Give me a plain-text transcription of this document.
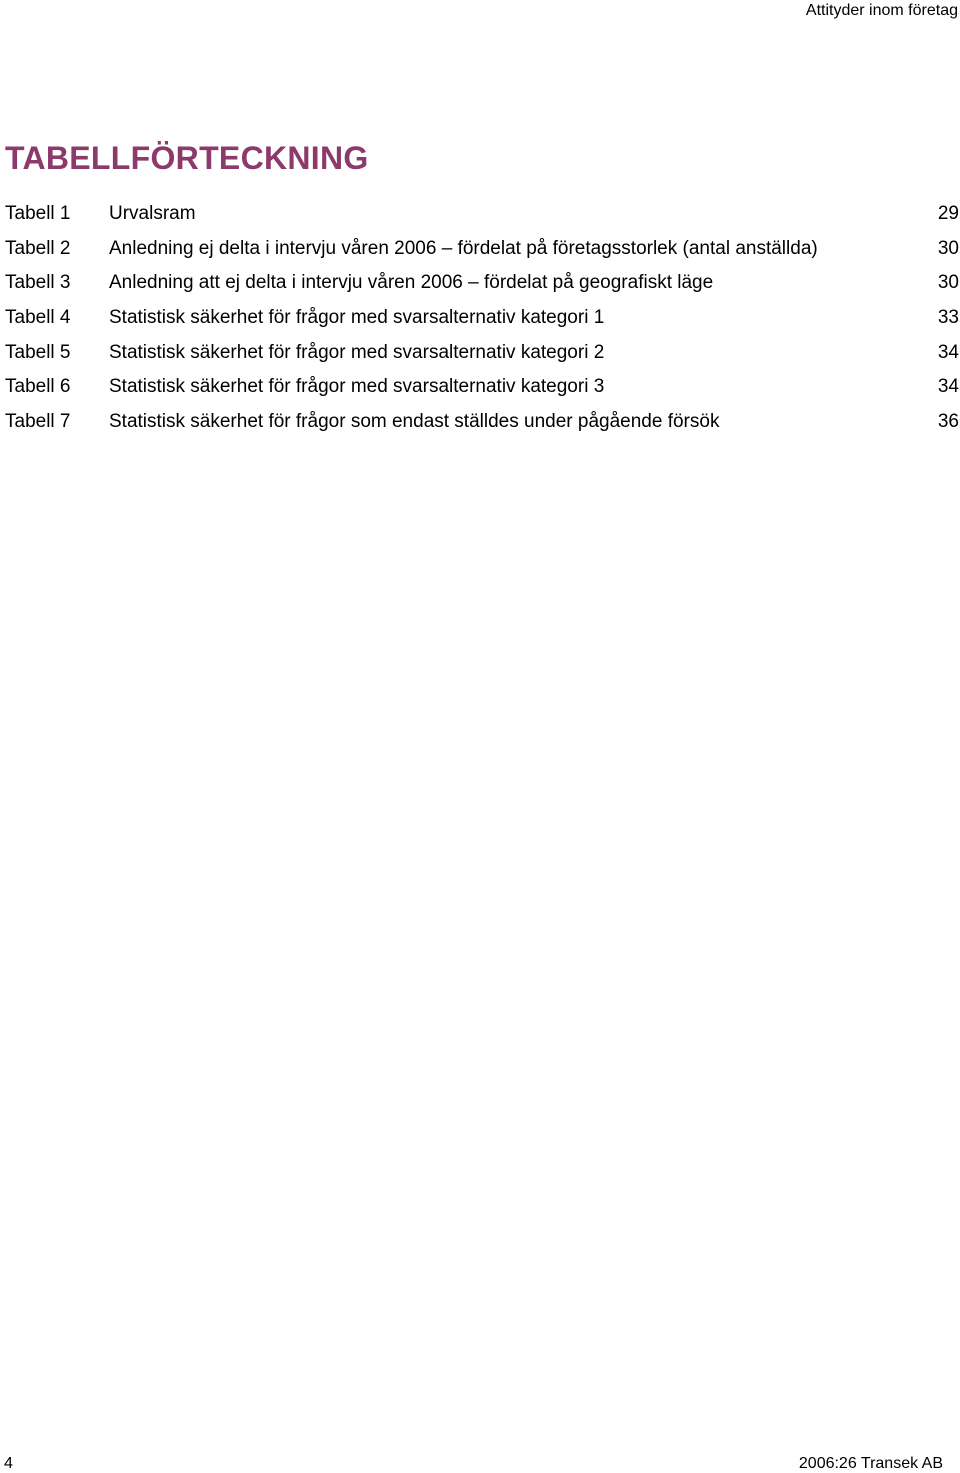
Attityder inom företag
TABELLFÖRTECKNING
Tabell 1 Urvalsram	29
Tabell 2 Anledning ej delta i intervju våren 2006 – fördelat på företagsstorlek (antal anställda)	30
Tabell 3 Anledning att ej delta i intervju våren 2006 – fördelat på geografiskt läge	30
Tabell 4 Statistisk säkerhet för frågor med svarsalternativ kategori 1	33
Tabell 5 Statistisk säkerhet för frågor med svarsalternativ kategori 2	34
Tabell 6 Statistisk säkerhet för frågor med svarsalternativ kategori 3	34
Tabell 7 Statistisk säkerhet för frågor som endast ställdes under pågående försök	36
4	2006:26 Transek AB
